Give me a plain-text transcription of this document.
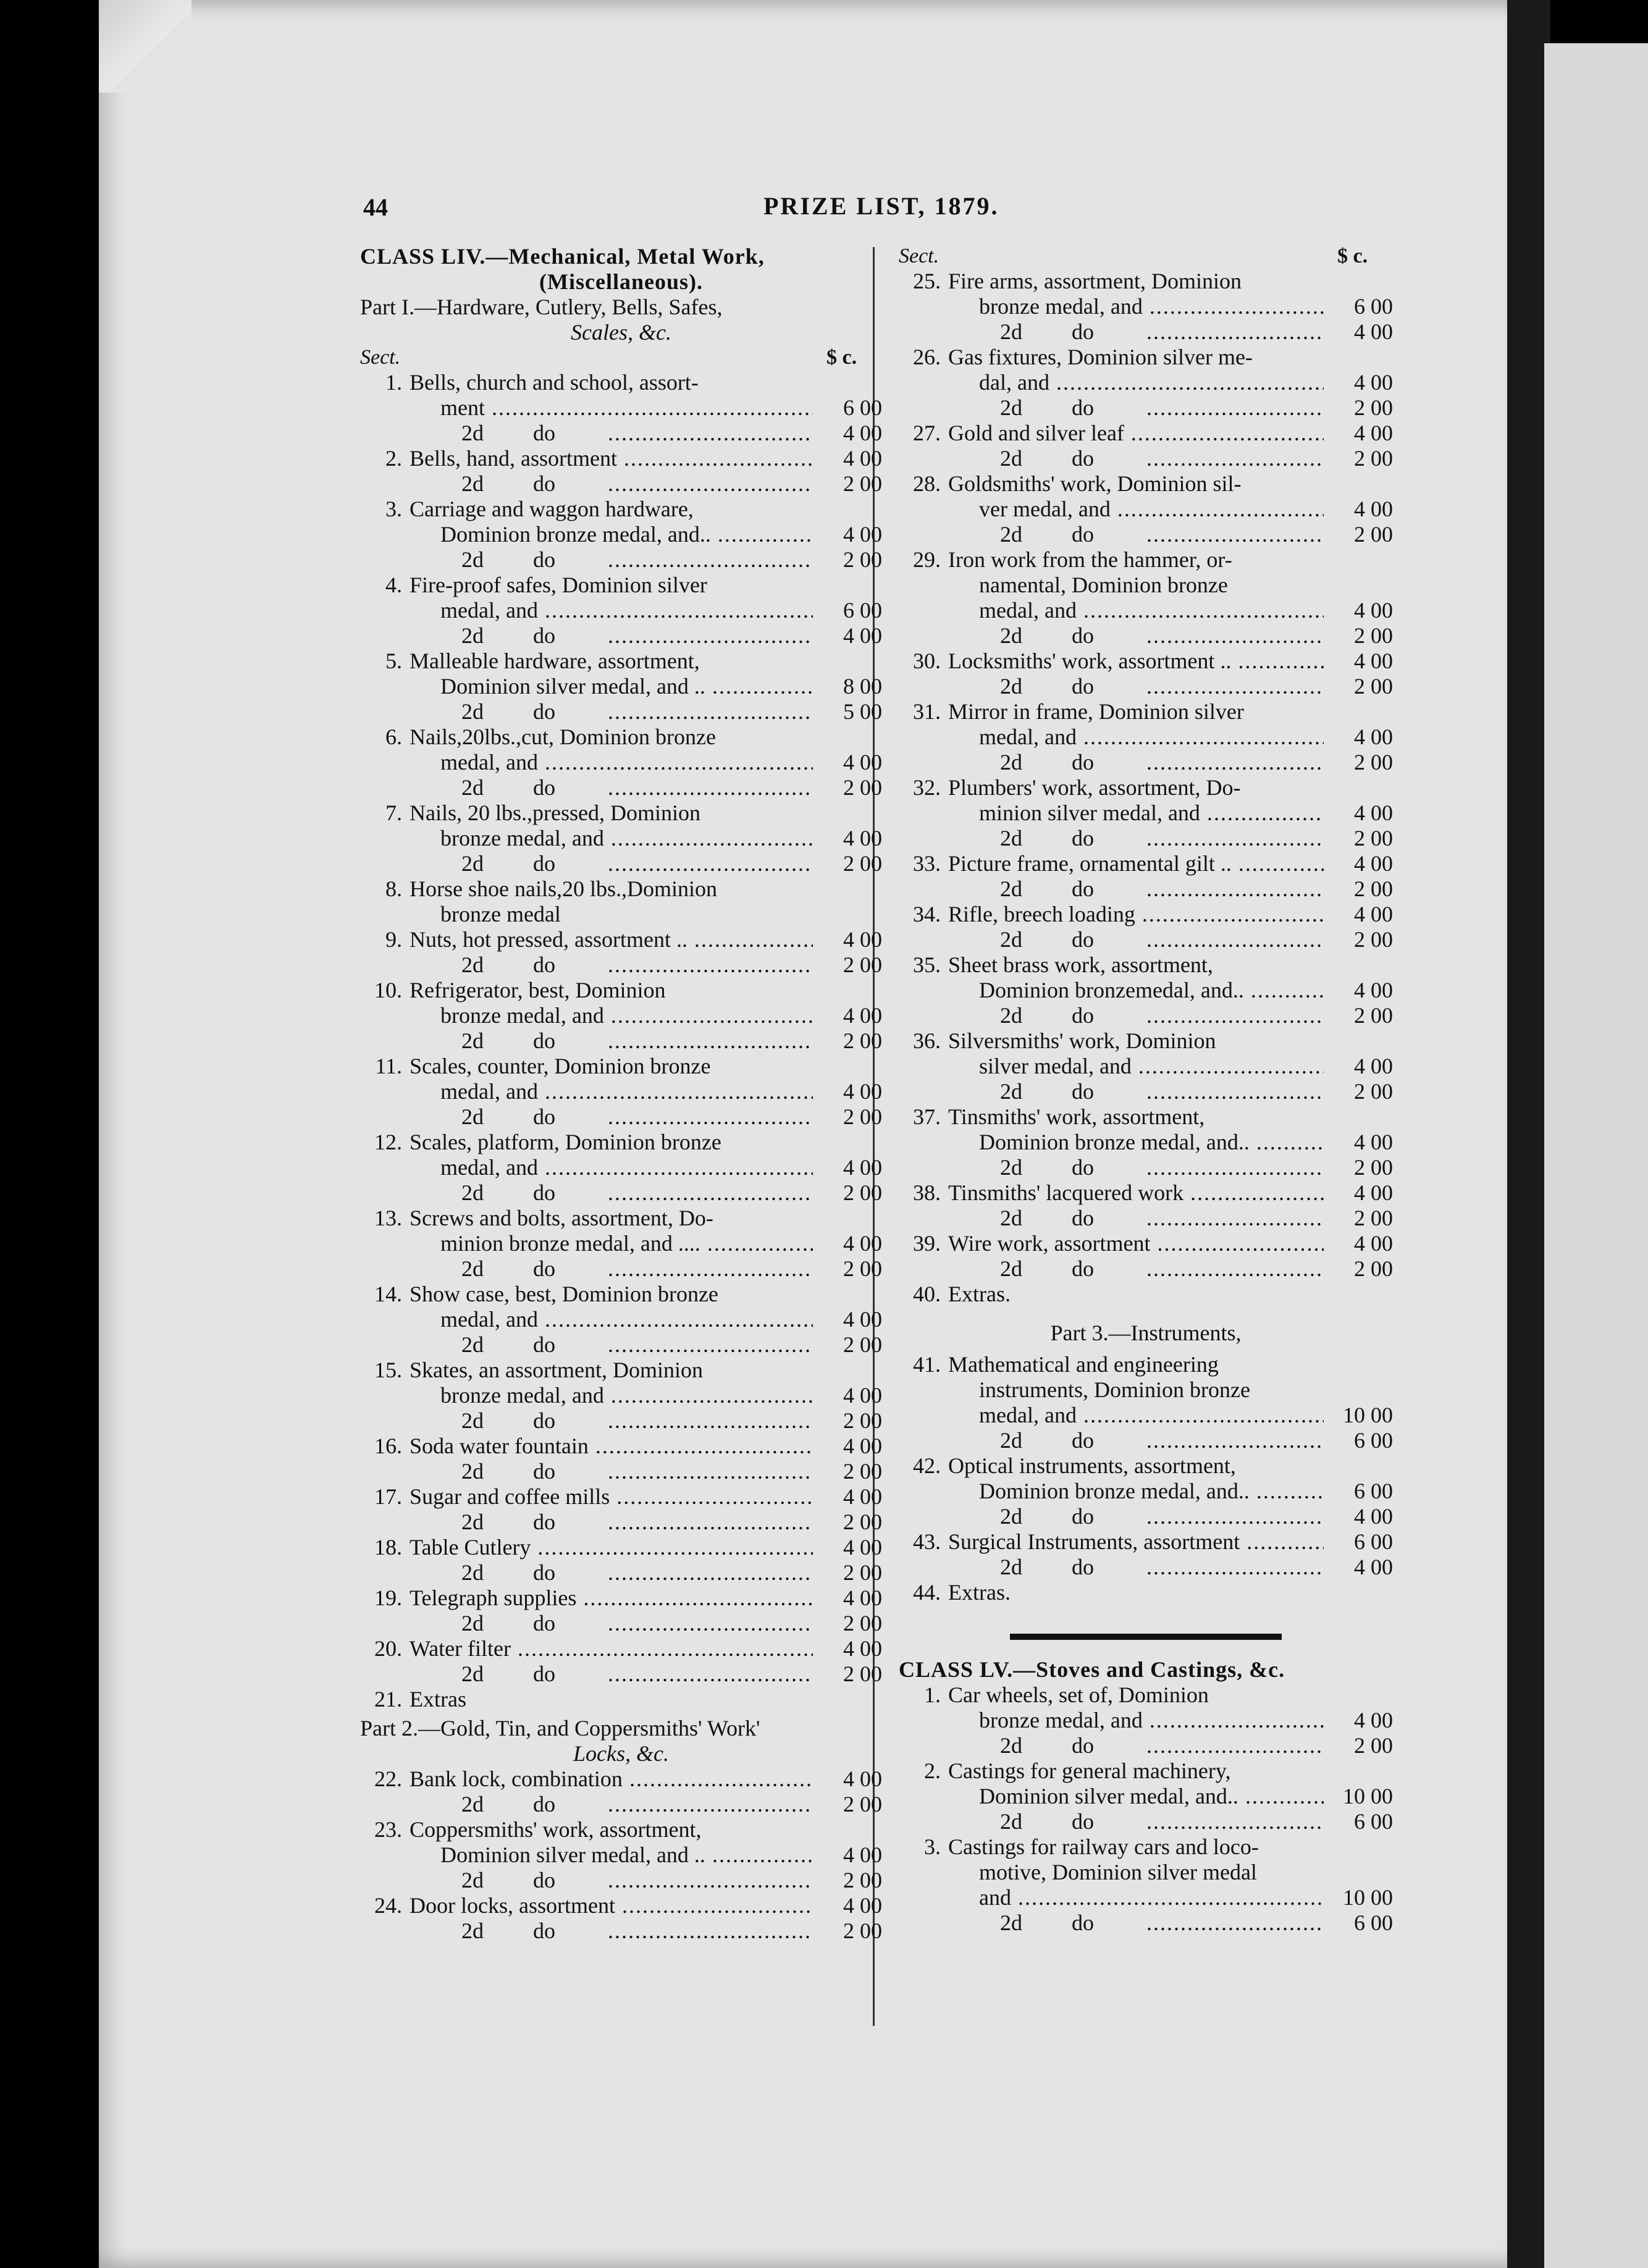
44	PRIZE LIST, 1879.
CLASS LIV.—Mechanical, Metal Work,
(Miscellaneous).
Part I.—Hardware, Cutlery, Bells, Safes,
Scales, &c.
Sect.	$ c.
1. Bells, church and school, assort-
ment .....	6 00
2d do .....	4 00
2. Bells, hand, assortment .....	4 00
2d do .....	2 00
3. Carriage and waggon hardware,
Dominion bronze medal, and.. .....	4 00
2d do .....	2 00
4. Fire-proof safes, Dominion silver
medal, and .....	6 00
2d do .....	4 00
5. Malleable hardware, assortment,
Dominion silver medal, and .. .....	8 00
2d do .....	5 00
6. Nails,20lbs.,cut, Dominion bronze
medal, and .....	4 00
2d do .....	2 00
7. Nails, 20 lbs.,pressed, Dominion
bronze medal, and .....	4 00
2d do .....	2 00
8. Horse shoe nails,20 lbs.,Dominion
bronze medal
9. Nuts, hot pressed, assortment .. .....	4 00
2d do .....	2 00
10. Refrigerator, best, Dominion
bronze medal, and .....	4 00
2d do .....	2 00
11. Scales, counter, Dominion bronze
medal, and .....	4 00
2d do .....	2 00
12. Scales, platform, Dominion bronze
medal, and .....	4 00
2d do .....	2 00
13. Screws and bolts, assortment, Do-
minion bronze medal, and .... .....	4 00
2d do .....	2 00
14. Show case, best, Dominion bronze
medal, and .....	4 00
2d do .....	2 00
15. Skates, an assortment, Dominion
bronze medal, and .....	4 00
2d do .....	2 00
16. Soda water fountain .....	4 00
2d do .....	2 00
17. Sugar and coffee mills .....	4 00
2d do .....	2 00
18. Table Cutlery .....	4 00
2d do .....	2 00
19. Telegraph supplies .....	4 00
2d do .....	2 00
20. Water filter .....	4 00
2d do .....	2 00
21. Extras
Part 2.—Gold, Tin, and Coppersmiths' Work'
Locks, &c.
22. Bank lock, combination .....	4 00
2d do .....	2 00
23. Coppersmiths' work, assortment,
Dominion silver medal, and .. .....	4 00
2d do .....	2 00
24. Door locks, assortment .....	4 00
2d do .....	2 00
Sect.	$ c.
25. Fire arms, assortment, Dominion
bronze medal, and .....	6 00
2d do .....	4 00
26. Gas fixtures, Dominion silver me-
dal, and .....	4 00
2d do .....	2 00
27. Gold and silver leaf .....	4 00
2d do .....	2 00
28. Goldsmiths' work, Dominion sil-
ver medal, and .....	4 00
2d do .....	2 00
29. Iron work from the hammer, or-
namental, Dominion bronze
medal, and .....	4 00
2d do .....	2 00
30. Locksmiths' work, assortment .. .....	4 00
2d do .....	2 00
31. Mirror in frame, Dominion silver
medal, and .....	4 00
2d do .....	2 00
32. Plumbers' work, assortment, Do-
minion silver medal, and .....	4 00
2d do .....	2 00
33. Picture frame, ornamental gilt .. .....	4 00
2d do .....	2 00
34. Rifle, breech loading .....	4 00
2d do .....	2 00
35. Sheet brass work, assortment,
Dominion bronzemedal, and.. .....	4 00
2d do .....	2 00
36. Silversmiths' work, Dominion
silver medal, and .....	4 00
2d do .....	2 00
37. Tinsmiths' work, assortment,
Dominion bronze medal, and.. .....	4 00
2d do .....	2 00
38. Tinsmiths' lacquered work .....	4 00
2d do .....	2 00
39. Wire work, assortment .....	4 00
2d do .....	2 00
40. Extras.
Part 3.—Instruments,
41. Mathematical and engineering
instruments, Dominion bronze
medal, and .....	10 00
2d do .....	6 00
42. Optical instruments, assortment,
Dominion bronze medal, and.. .....	6 00
2d do .....	4 00
43. Surgical Instruments, assortment .....	6 00
2d do .....	4 00
44. Extras.
CLASS LV.—Stoves and Castings, &c.
1. Car wheels, set of, Dominion
bronze medal, and .....	4 00
2d do .....	2 00
2. Castings for general machinery,
Dominion silver medal, and.. .....	10 00
2d do .....	6 00
3. Castings for railway cars and loco-
motive, Dominion silver medal
and .....	10 00
2d do .....	6 00
